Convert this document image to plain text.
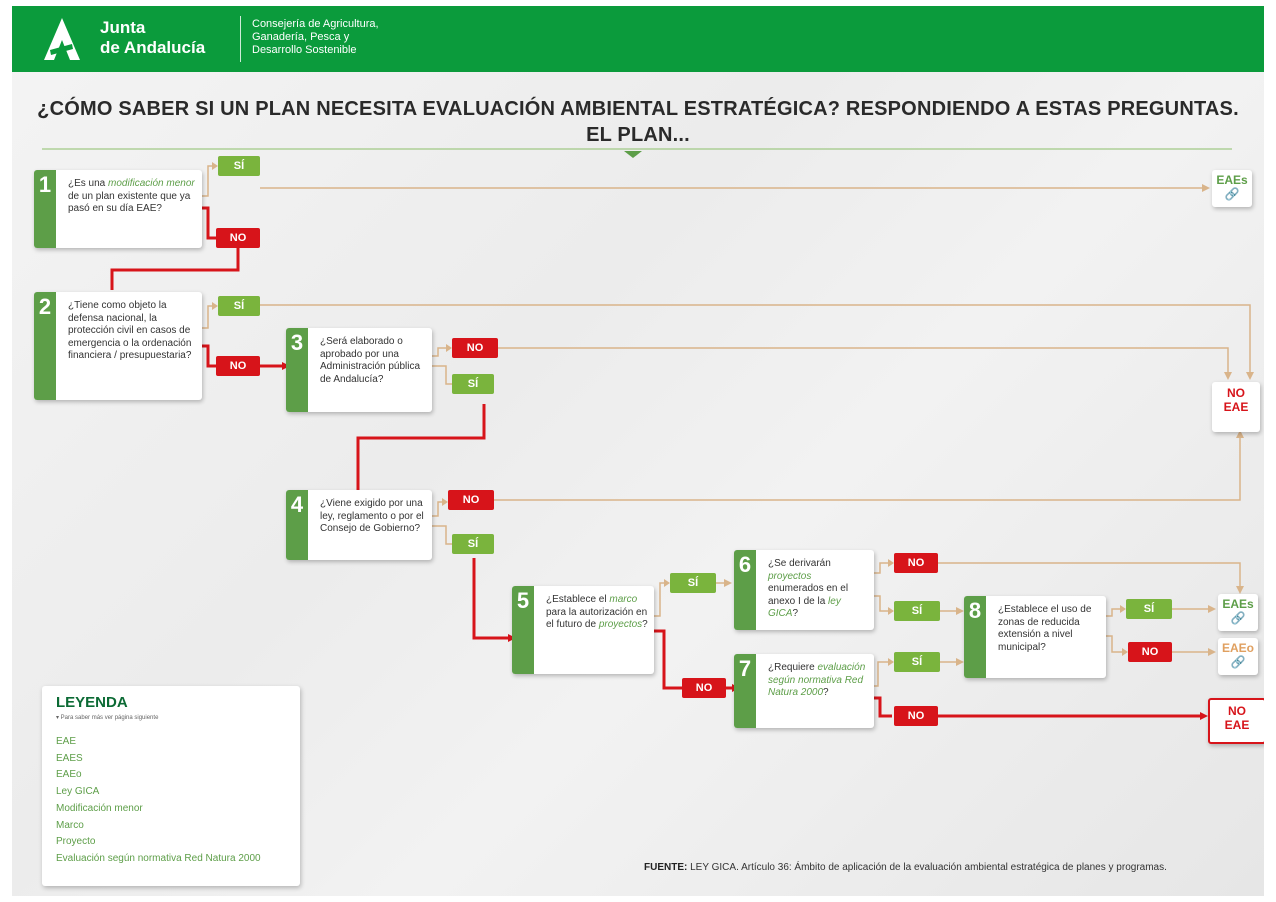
Junta
de Andalucía
Consejería de Agricultura,
Ganadería, Pesca y
Desarrollo Sostenible
¿CÓMO SABER SI UN PLAN NECESITA EVALUACIÓN AMBIENTAL ESTRATÉGICA? RESPONDIENDO A ESTAS PREGUNTAS.
EL PLAN...
1	¿Es una modificación menor de un plan existente que ya pasó en su día EAE?
2	¿Tiene como objeto la defensa nacional, la protección civil en casos de emergencia o la ordenación financiera / presupuestaria?
3	¿Será elaborado o aprobado por una Administración pública de Andalucía?
4	¿Viene exigido por una ley, reglamento o por el Consejo de Gobierno?
5	¿Establece el marco para la autorización en el futuro de proyectos?
6	¿Se derivarán proyectos enumerados en el anexo I de la ley GICA?
7	¿Requiere evaluación según normativa Red Natura 2000?
8	¿Establece el uso de zonas de reducida extensión a nivel municipal?
SÍ
NO
SÍ
NO
NO
SÍ
NO
SÍ
SÍ
NO
NO
SÍ
SÍ
NO
SÍ
NO
EAEs
🔗
NO
EAE
EAEs
🔗
EAEo
🔗
NO
EAE
LEYENDA
▾ Para saber más ver página siguiente
EAE
EAES
EAEo
Ley GICA
Modificación menor
Marco
Proyecto
Evaluación según normativa Red Natura 2000
FUENTE: LEY GICA. Artículo 36: Ámbito de aplicación de la evaluación ambiental estratégica de planes y programas.
